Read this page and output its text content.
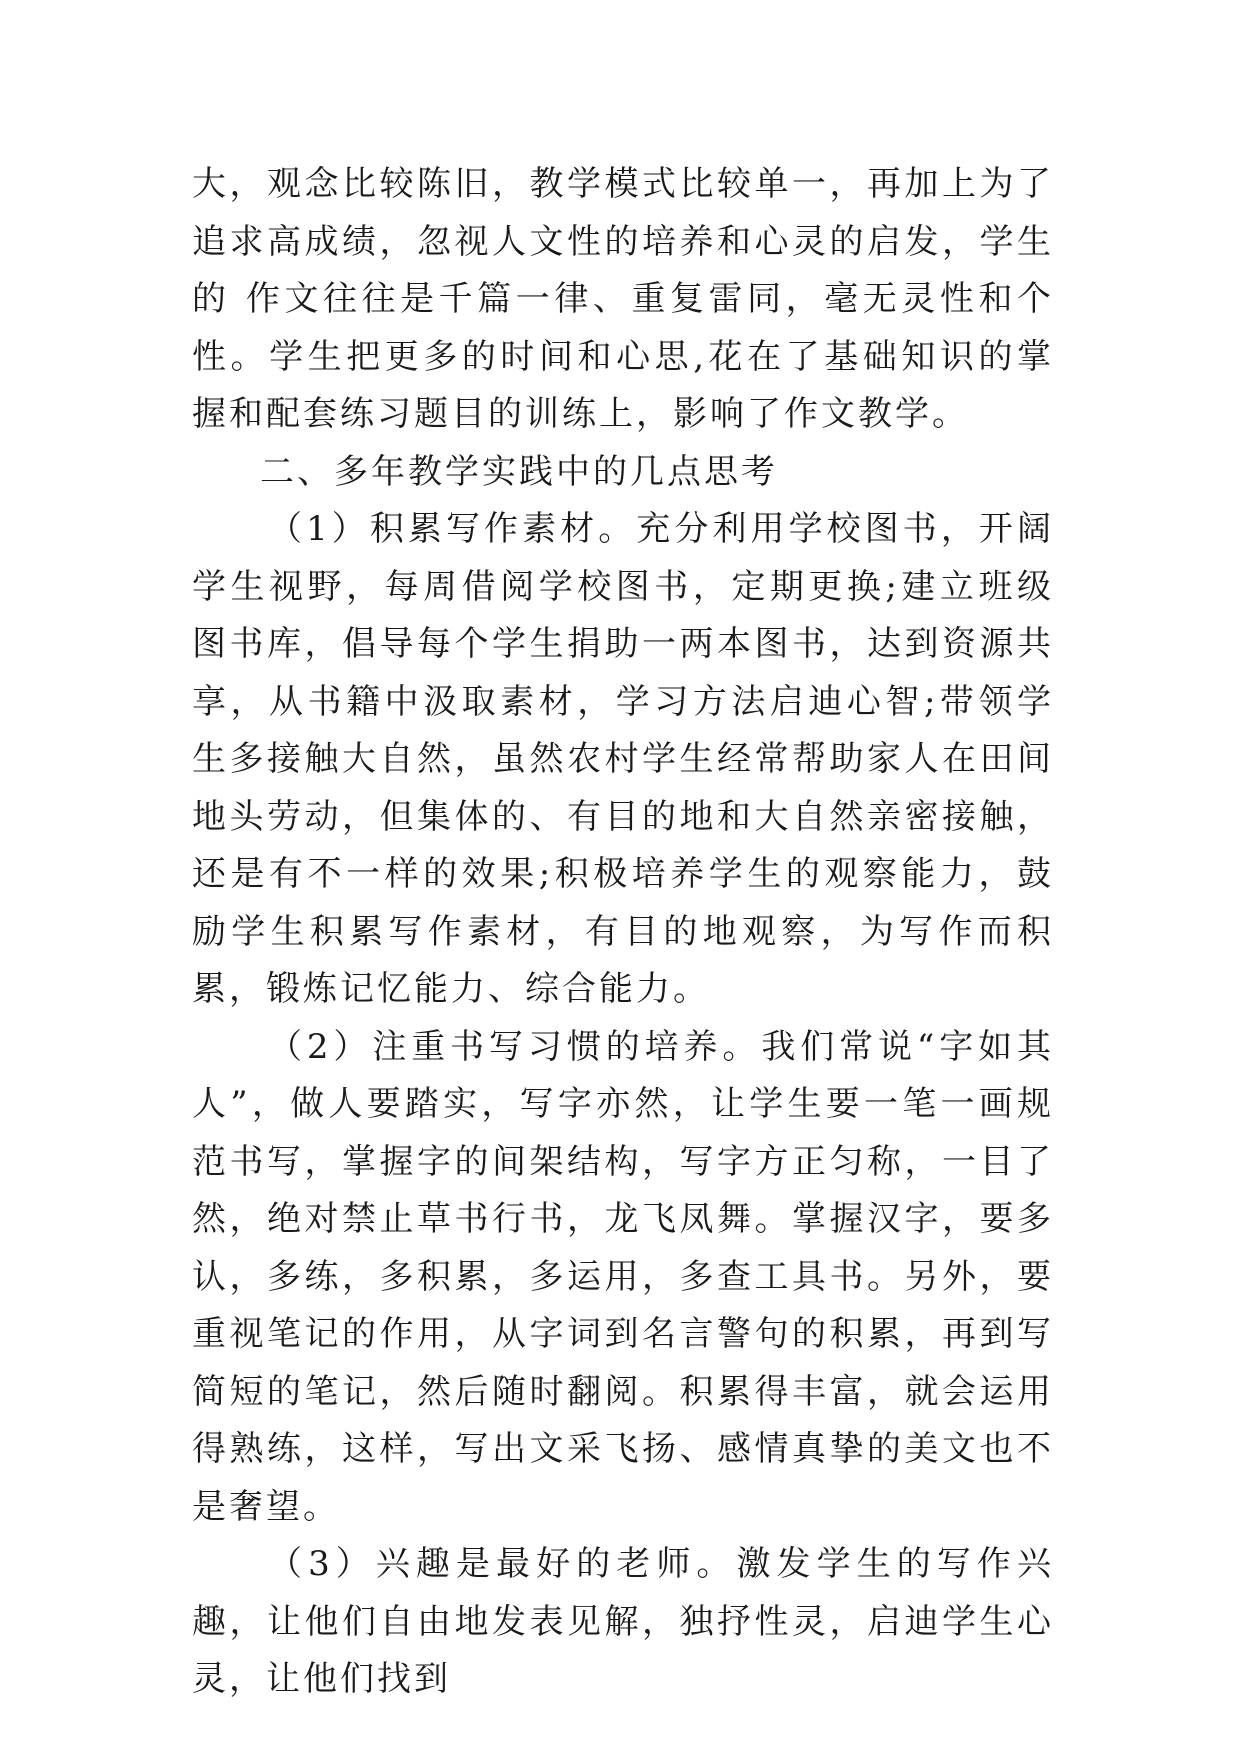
大，观念比较陈旧，教学模式比较单一，再加上为了追求高成绩，忽视人文性的培养和心灵的启发，学生的 作文往往是千篇一律、重复雷同，毫无灵性和个性。学生把更多的时间和心思,花在了基础知识的掌握和配套练习题目的训练上，影响了作文教学。

二、多年教学实践中的几点思考

（1）积累写作素材。充分利用学校图书，开阔学生视野，每周借阅学校图书，定期更换;建立班级图书库，倡导每个学生捐助一两本图书，达到资源共享，从书籍中汲取素材，学习方法启迪心智;带领学生多接触大自然，虽然农村学生经常帮助家人在田间地头劳动，但集体的、有目的地和大自然亲密接触，还是有不一样的效果;积极培养学生的观察能力，鼓励学生积累写作素材，有目的地观察，为写作而积累，锻炼记忆能力、综合能力。

（2）注重书写习惯的培养。我们常说“字如其人”，做人要踏实，写字亦然，让学生要一笔一画规范书写，掌握字的间架结构，写字方正匀称，一目了然，绝对禁止草书行书，龙飞凤舞。掌握汉字，要多认，多练，多积累，多运用，多查工具书。另外，要重视笔记的作用，从字词到名言警句的积累，再到写简短的笔记，然后随时翻阅。积累得丰富，就会运用得熟练，这样，写出文采飞扬、感情真挚的美文也不是奢望。

（3）兴趣是最好的老师。激发学生的写作兴趣，让他们自由地发表见解，独抒性灵，启迪学生心灵，让他们找到
